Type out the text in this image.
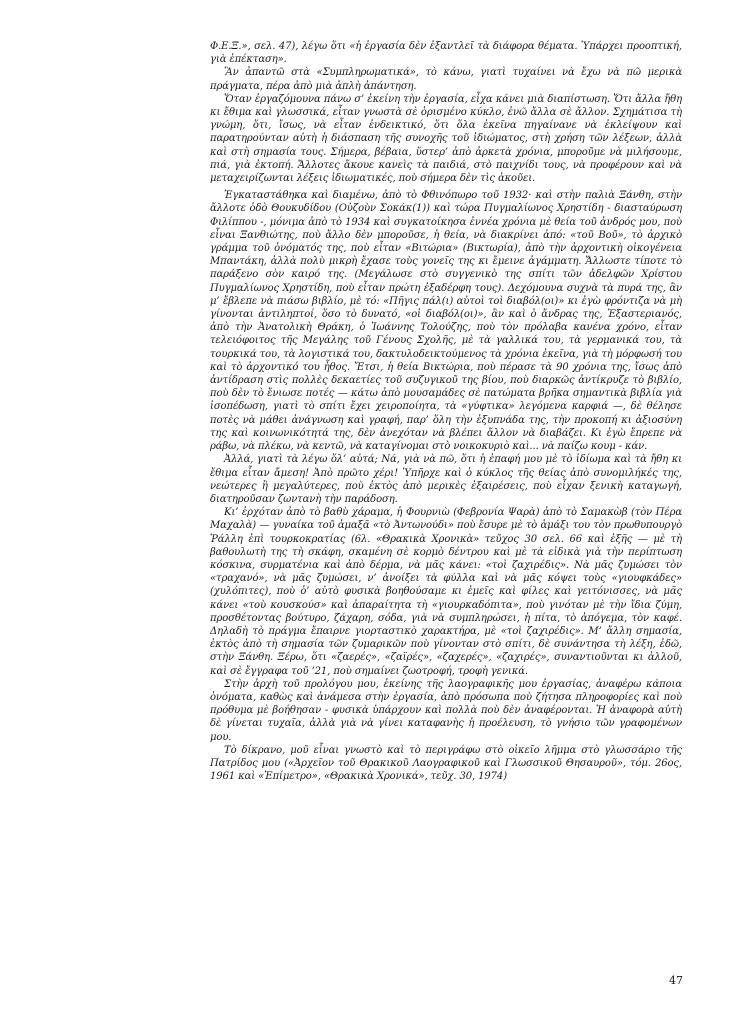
Φ.Ε.Ξ.», σελ. 47), λέγω ὅτι «ἡ ἐργασία δὲν ἐξαντλεῖ τὰ διάφορα θέματα. Ὑπάρχει προοπτική, γιὰ ἐπέκταση».

Ἂν ἀπαντῶ στὰ «Συμπληρωματικά», τὸ κάνω, γιατὶ τυχαίνει νὰ ἔχω νὰ πῶ μερικὰ πράγματα, πέρα ἀπὸ μιὰ ἁπλὴ ἀπάντηση.

Ὅταν ἐργαζόμουνα πάνω σ’ ἐκείνη τὴν ἐργασία, εἶχα κάνει μιὰ διαπίστωση. Ὅτι ἄλλα ἤθη κι ἔθιμα καὶ γλωσσικά, εἶταν γνωστὰ σὲ ὁρισμένο κύκλο, ἐνῶ ἄλλα σὲ ἄλλον. Σχημάτισα τὴ γνώμη, ὅτι, ἴσως, νὰ εἶταν ἐνδεικτικό, ὅτι ὅλα ἐκεῖνα πηγαίνανε νὰ ἐκλείψουν καὶ παρατηρούνταν αὐτὴ ἡ διάσπαση τῆς συνοχῆς τοῦ ἰδιώματος, στὴ χρήση τῶν λέξεων, ἀλλὰ καὶ στὴ σημασία τους. Σήμερα, βέβαια, ὕστερ’ ἀπὸ ἀρκετὰ χρόνια, μποροῦμε νὰ μιλήσουμε, πιά, γιὰ ἐκτοπή. Ἄλλοτες ἄκουε κανεὶς τὰ παιδιά, στὸ παιχνίδι τους, νὰ προφέρουν καὶ νὰ μεταχειρίζωνται λέξεις ἰδιωματικές, ποὺ σήμερα δὲν τὶς ἀκοῦει.

Ἐγκαταστάθηκα καὶ διαμένω, ἀπὸ τὸ Φθινόπωρο τοῦ 1932· καὶ στὴν παλιὰ Ξάνθη, στὴν ἄλλοτε ὁδὸ Θουκυδίδου (Οὐζοὺν Σοκάκ(1)) καὶ τώρα Πυγμαλίωνος Χρηστίδη - διασταύρωση Φιλίππου -, μόνιμα ἀπὸ τὸ 1934 καὶ συγκατοίκησα ἐννέα χρόνια μὲ θεία τοῦ ἀνδρός μου, ποὺ εἶναι Ξανθιώτης, ποὺ ἄλλο δὲν μποροῦσε, ἡ θεία, νὰ διακρίνει ἀπό: «τοῦ Βοῦ», τὸ ἀρχικὸ γράμμα τοῦ ὀνόματός της, ποὺ εἶταν «Βιτώρια» (Βικτωρία), ἀπὸ τὴν ἀρχοντικὴ οἰκογένεια Μπαντάκη, ἀλλὰ πολὺ μικρὴ ἔχασε τοὺς γονεῖς της κι ἔμεινε ἀγάμματη. Ἄλλωστε τίποτε τὸ παράξενο σὸν καιρό της. (Μεγάλωσε στὸ συγγενικὸ της σπίτι τῶν ἀδελφῶν Χρίστου Πυγμαλίωνος Χρηστίδη, ποὺ εἶταν πρώτη ἐξαδέρφη τους). Δεχόμουνα συχνὰ τὰ πυρά της, ἂν μ’ ἔβλεπε νὰ πιάσω βιβλίο, μὲ τό: «Πῆγις πάλ(ι) αὐτοὶ τοὶ διαβόλ(οι)» κι ἐγὼ φρόντιζα νὰ μὴ γίνονται ἀντιληπτοί, ὅσο τὸ δυνατό, «οἱ διαβόλ(οι)», ἂν καὶ ὁ ἄνδρας της, Ἐξαστεριανός, ἀπὸ τὴν Ἀνατολικὴ Θράκη, ὁ Ἰωάννης Τολούζης, ποὺ τὸν πρόλαβα κανένα χρόνο, εἶταν τελειόφοιτος τῆς Μεγάλης τοῦ Γένους Σχολῆς, μὲ τὰ γαλλικά του, τὰ γερμανικά του, τὰ τουρκικά του, τὰ λογιστικά του, δακτυλοδεικτούμενος τὰ χρόνια ἐκεῖνα, γιὰ τὴ μόρφωσή του καὶ τὸ ἀρχοντικό του ἦθος. Ἔτσι, ἡ θεία Βικτώρια, ποὺ πέρασε τὰ 90 χρόνια της, ἴσως ἀπὸ ἀντίδραση στὶς πολλὲς δεκαετίες τοῦ συζυγικοῦ της βίου, ποὺ διαρκῶς ἀντίκρυζε τὸ βιβλίο, ποὺ δὲν τὸ ἔνιωσε ποτές — κάτω ἀπὸ μουσαμάδες σὲ πατώματα βρῆκα σημαντικὰ βιβλία γιὰ ἰσοπέδωση, γιατὶ τὸ σπίτι ἔχει χειροποίητα, τὰ «γύφτικα» λεγόμενα καρφιά —, δὲ θέλησε ποτὲς νὰ μάθει ἀνάγνωση καὶ γραφή, παρ’ ὅλη τὴν ἐξυπνάδα της, τὴν προκοπή κι ἀξιοσύνη της καὶ κοινωνικότητά της, δὲν ἀνεχόταν νὰ βλέπει ἄλλον νὰ διαβάζει. Κι ἐγὼ ἔπρεπε νὰ ράβω, νὰ πλέκω, νὰ κεντῶ, νὰ καταγίνομαι στὸ νοικοκυριὸ καὶ... νὰ παίζω κουμ - κάν.

Ἀλλά, γιατὶ τὰ λέγω ὅλ’ αὐτά; Νά, γιὰ νὰ πῶ, ὅτι ἡ ἐπαφή μου μὲ τὸ ἰδίωμα καὶ τὰ ἤθη κι ἔθιμα εἶταν ἄμεση! Ἀπὸ πρῶτο χέρι! Ὑπῆρχε καὶ ὁ κύκλος τῆς θείας ἀπὸ συνομιλήκές της, νεώτερες ἢ μεγαλύτερες, ποὺ ἐκτὸς ἀπὸ μερικὲς ἐξαιρέσεις, ποὺ εἶχαν ξενικὴ καταγωγή, διατηροῦσαν ζωντανὴ τὴν παράδοση.

Κι’ ἐρχόταν ἀπὸ τὸ βαθὺ χάραμα, ἡ Φουρνιὼ (Φεβρονία Ψαρὰ) ἀπὸ τὸ Σαμακὼβ (τὸν Πέρα Μαχαλὰ) — γυναίκα τοῦ ἁμαξᾶ «τὸ Ἀντωνούδι» ποὺ ἔσυρε μὲ τὸ ἁμάξι του τὸν πρωθυπουργὸ Ῥάλλη ἐπὶ τουρκοκρατίας (6λ. «Θρακικὰ Χρονικὰ» τεῦχος 30 σελ. 66 καὶ ἑξῆς — μὲ τὴ βαθουλωτὴ της τὴ σκάφη, σκαμένη σὲ κορμὸ δέντρου καὶ μὲ τὰ εἰδικὰ γιὰ τὴν περίπτωση κόσκινα, συρματένια καὶ ἀπὸ δέρμα, νὰ μᾶς κάνει: «τοὶ ζαχιρέδις». Νὰ μᾶς ζυμώσει τὸν «τραχανό», νὰ μᾶς ζυμώσει, ν’ ἀνοίξει τὰ φύλλα καὶ νὰ μᾶς κόψει τοὺς «γιουφκάδες» (χυλόπιτες), ποὺ ὁ’ αὐτὸ φυσικὰ βοηθούσαμε κι ἐμεῖς καὶ φίλες καὶ γειτόνισσες, νὰ μᾶς κάνει «τοὺ κουσκούσ» καὶ ἀπαραίτητα τὴ «γιουρκαδόπιτα», ποὺ γινόταν μὲ τὴν ἴδια ζύμη, προσθέτοντας βούτυρο, ζάχαρη, σόδα, γιὰ νὰ συμπληρώσει, ἡ πίτα, τὸ ἀπόγεμα, τὸν καφέ. Δηλαδὴ τὸ πράγμα ἔπαιρνε γιορταστικὸ χαρακτήρα, μὲ «τοὶ ζαχιρέδις». Μ’ ἄλλη σημασία, ἐκτὸς ἀπὸ τὴ σημασία τῶν ζυμαρικῶν ποὺ γίνονταν στὸ σπίτι, δὲ συνάντησα τὴ λέξη, ἐδῶ, στὴν Ξάνθη. Ξέρω, ὅτι «ζαερές», «ζαϊρές», «ζαχερές», «ζαχιρές», συναντιοῦνται κι ἀλλοῦ, καὶ σὲ ἔγγραφα τοῦ ’21, ποὺ σημαίνει ζωοτροφή, τροφὴ γενικά.

Στὴν ἀρχὴ τοῦ προλόγου μου, ἐκείνης τῆς λαογραφικῆς μου ἐργασίας, ἀναφέρω κάποια ὀνόματα, καθὼς καὶ ἀνάμεσα στὴν ἐργασία, ἀπὸ πρόσωπα ποὺ ζήτησα πληροφορίες καὶ ποὺ πρόθυμα μὲ βοήθησαν - φυσικὰ ὑπάρχουν καὶ πολλὰ ποὺ δὲν ἀναφέρονται. Ἡ ἀναφορὰ αὐτὴ δὲ γίνεται τυχαῖα, ἀλλὰ γιὰ νὰ γίνει καταφανὴς ἡ προέλευση, τὸ γνήσιο τῶν γραφομένων μου.

Τὸ δίκρανο, μοῦ εἶναι γνωστὸ καὶ τὸ περιγράφω στὸ οἰκεῖο λῆμμα στὸ γλωσσάριο τῆς Πατρίδος μου («Ἀρχεῖον τοῦ Θρακικοῦ Λαογραφικοῦ καὶ Γλωσσικοῦ Θησαυροῦ», τόμ. 26ος, 1961 καὶ «Ἐπίμετρο», «Θρακικὰ Χρονικά», τεῦχ. 30, 1974)

47
